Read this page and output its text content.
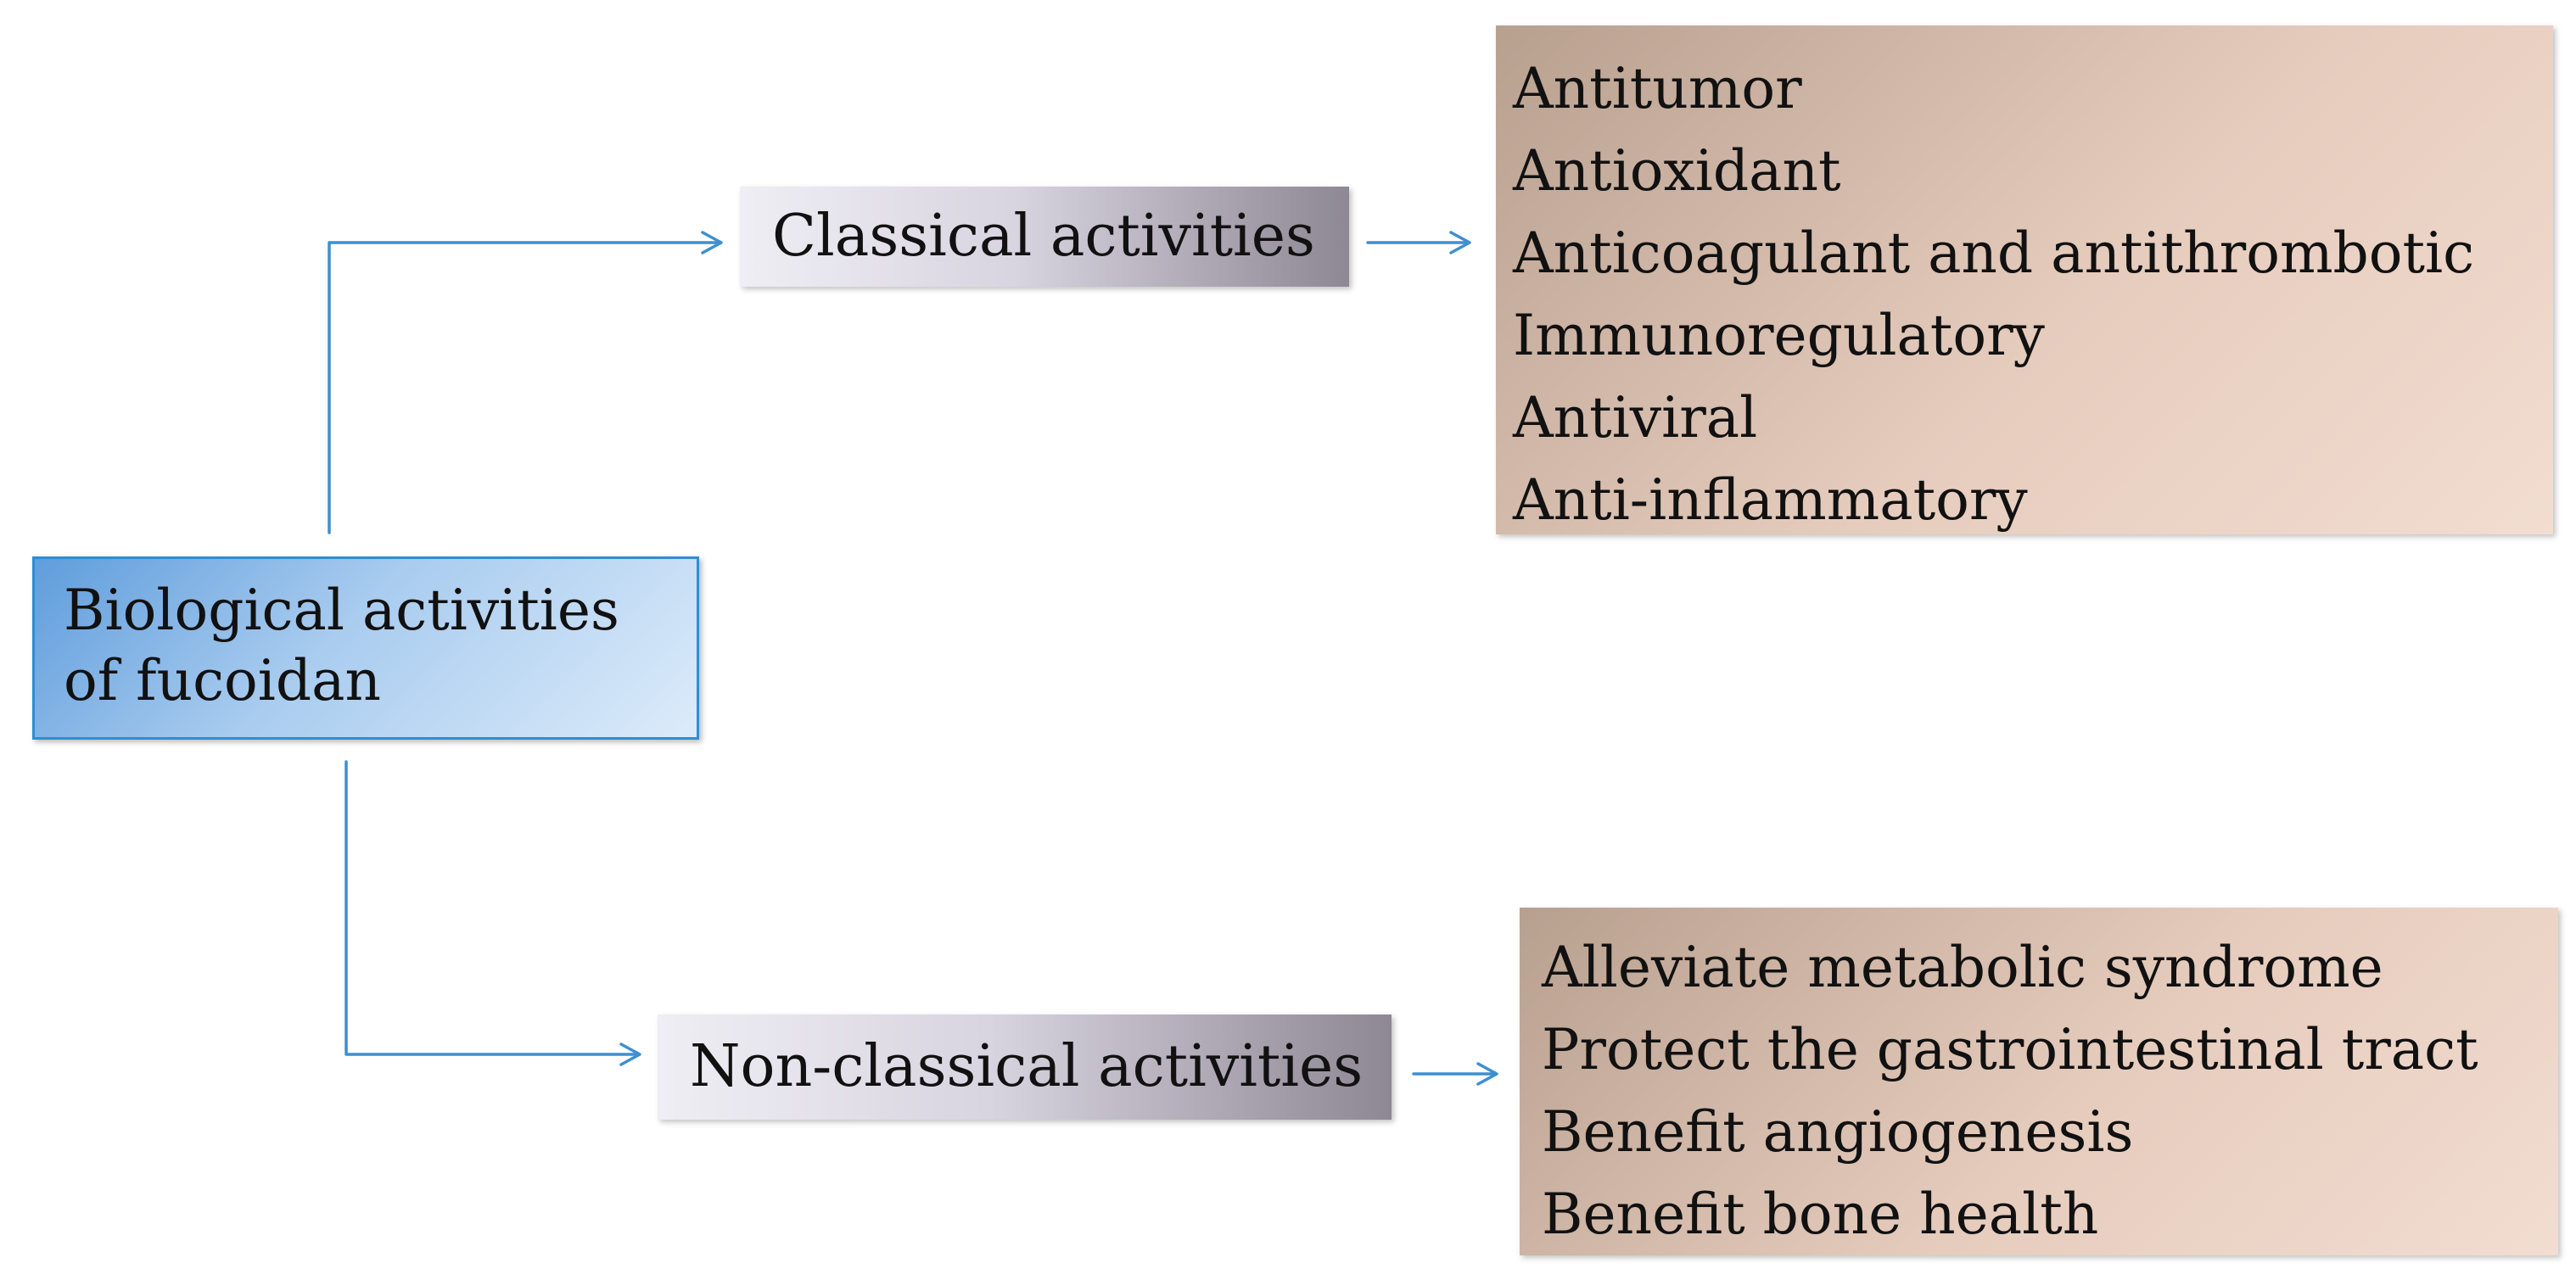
Biological activities
of fucoidan
Classical activities
Non-classical activities
Antitumor
Antioxidant
Anticoagulant and antithrombotic
Immunoregulatory
Antiviral
Anti-inflammatory
Alleviate metabolic syndrome
Protect the gastrointestinal tract
Benefit angiogenesis
Benefit bone health
